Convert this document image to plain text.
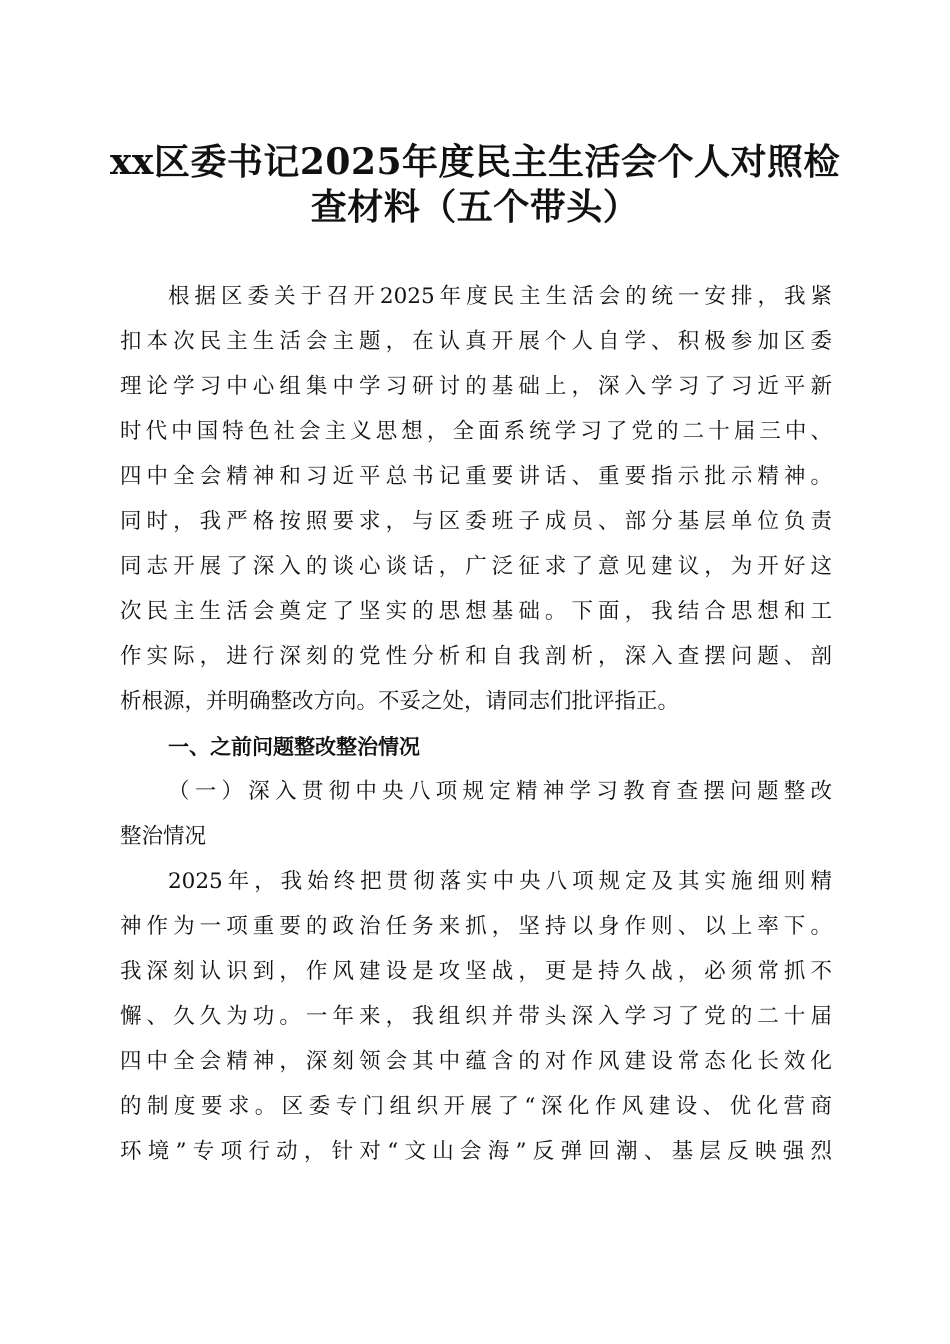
xx区委书记2025年度民主生活会个人对照检
查材料（五个带头）
根据区委关于召开2025年度民主生活会的统一安排，我紧
扣本次民主生活会主题，在认真开展个人自学、积极参加区委
理论学习中心组集中学习研讨的基础上，深入学习了习近平新
时代中国特色社会主义思想，全面系统学习了党的二十届三中、
四中全会精神和习近平总书记重要讲话、重要指示批示精神。
同时，我严格按照要求，与区委班子成员、部分基层单位负责
同志开展了深入的谈心谈话，广泛征求了意见建议，为开好这
次民主生活会奠定了坚实的思想基础。下面，我结合思想和工
作实际，进行深刻的党性分析和自我剖析，深入查摆问题、剖
析根源，并明确整改方向。不妥之处，请同志们批评指正。
一、之前问题整改整治情况
（一）深入贯彻中央八项规定精神学习教育查摆问题整改
整治情况
2025年，我始终把贯彻落实中央八项规定及其实施细则精
神作为一项重要的政治任务来抓，坚持以身作则、以上率下。
我深刻认识到，作风建设是攻坚战，更是持久战，必须常抓不
懈、久久为功。一年来，我组织并带头深入学习了党的二十届
四中全会精神，深刻领会其中蕴含的对作风建设常态化长效化
的制度要求。区委专门组织开展了“深化作风建设、优化营商
环境”专项行动，针对“文山会海”反弹回潮、基层反映强烈
